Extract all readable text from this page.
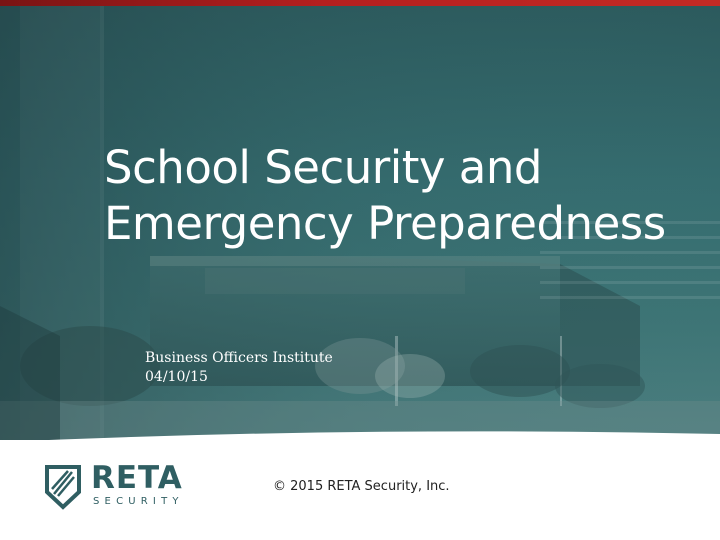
School Security and
Emergency Preparedness
Business Officers Institute
04/10/15
RETA
SECURITY
© 2015 RETA Security, Inc.
